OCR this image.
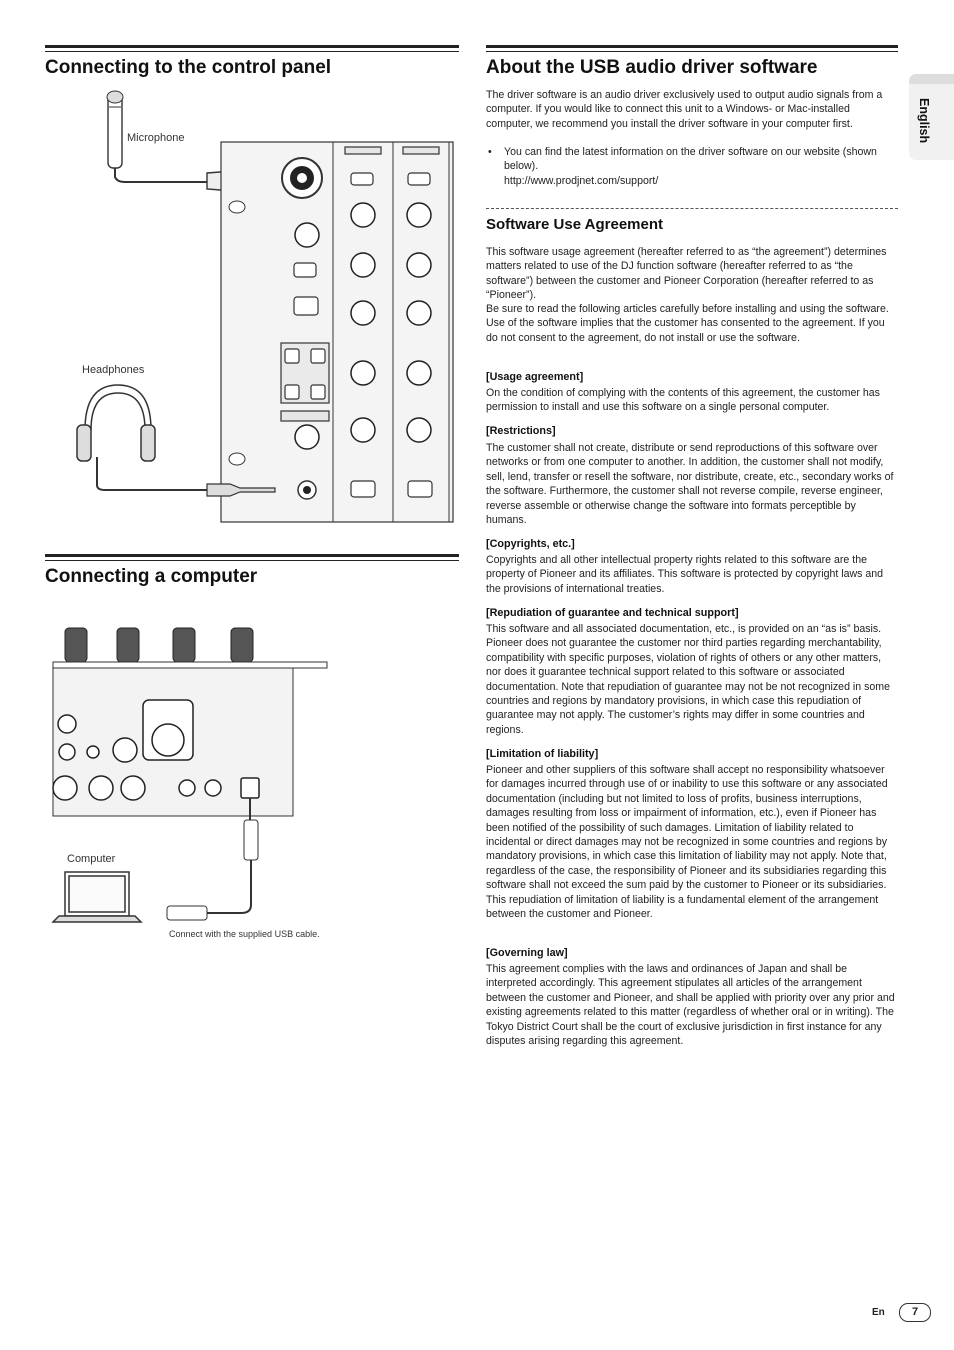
Connecting to the control panel
Microphone
Headphones
Connecting a computer
Computer
Connect with the supplied USB cable.
About the USB audio driver software

The driver software is an audio driver exclusively used to output audio signals from a computer. If you would like to connect this unit to a Windows- or Mac-installed computer, we recommend you install the driver software in your computer first.

• You can find the latest information on the driver software on our website (shown below).

http://www.prodjnet.com/support/

Software Use Agreement

This software usage agreement (hereafter referred to as “the agreement”) determines matters related to use of the DJ function software (hereafter referred to as “the software”) between the customer and Pioneer Corporation (hereafter referred to as “Pioneer”).

Be sure to read the following articles carefully before installing and using the software. Use of the software implies that the customer has consented to the agreement. If you do not consent to the agreement, do not install or use the software.

[Usage agreement]

On the condition of complying with the contents of this agreement, the customer has permission to install and use this software on a single personal computer.

[Restrictions]

The customer shall not create, distribute or send reproductions of this software over networks or from one computer to another. In addition, the customer shall not modify, sell, lend, transfer or resell the software, nor distribute, create, etc., secondary works of the software. Furthermore, the customer shall not reverse compile, reverse engineer, reverse assemble or otherwise change the software into formats perceptible by humans.

[Copyrights, etc.]

Copyrights and all other intellectual property rights related to this software are the property of Pioneer and its affiliates. This software is protected by copyright laws and the provisions of international treaties.

[Repudiation of guarantee and technical support]

This software and all associated documentation, etc., is provided on an “as is” basis. Pioneer does not guarantee the customer nor third parties regarding merchantability, compatibility with specific purposes, violation of rights of others or any other matters, nor does it guarantee technical support related to this software or associated documentation. Note that repudiation of guarantee may not be not recognized in some countries and regions by mandatory provisions, in which case this repudiation of guarantee may not apply. The customer’s rights may differ in some countries and regions.

[Limitation of liability]

Pioneer and other suppliers of this software shall accept no responsibility whatsoever for damages incurred through use of or inability to use this software or any associated documentation (including but not limited to loss of profits, business interruptions, damages resulting from loss or impairment of information, etc.), even if Pioneer has been notified of the possibility of such damages. Limitation of liability related to incidental or direct damages may not be recognized in some countries and regions by mandatory provisions, in which case this limitation of liability may not apply. Note that, regardless of the case, the responsibility of Pioneer and its subsidiaries regarding this software shall not exceed the sum paid by the customer to Pioneer or its subsidiaries. This repudiation of limitation of liability is a fundamental element of the arrangement between the customer and Pioneer.

[Governing law]

This agreement complies with the laws and ordinances of Japan and shall be interpreted accordingly. This agreement stipulates all articles of the arrangement between the customer and Pioneer, and shall be applied with priority over any prior and existing agreements related to this matter (regardless of whether oral or in writing). The Tokyo District Court shall be the court of exclusive jurisdiction in first instance for any disputes arising regarding this agreement.

English
En	7
